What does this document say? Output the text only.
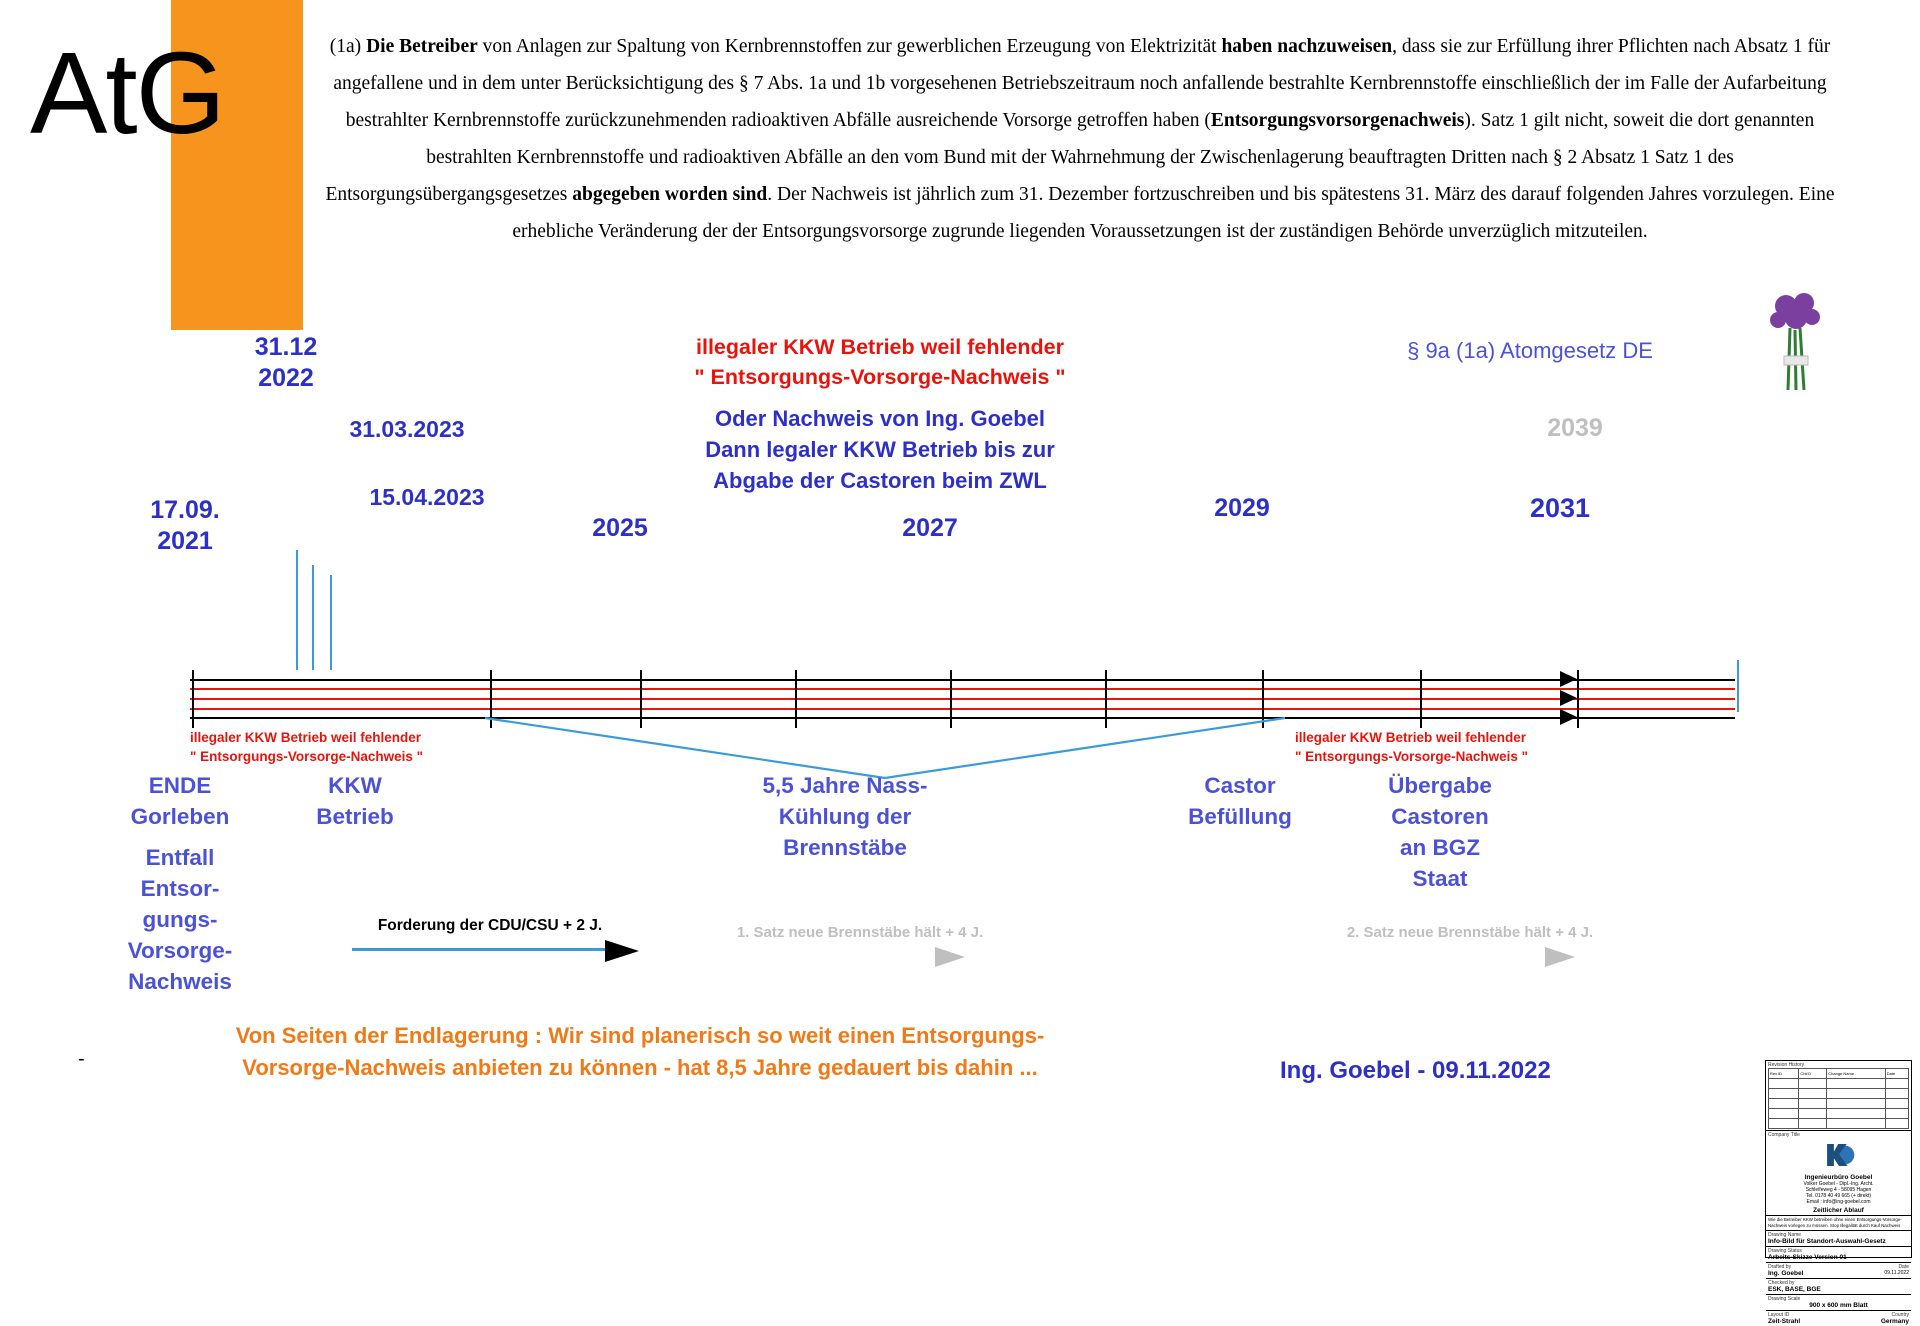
AtG	(1a) Die Betreiber von Anlagen zur Spaltung von Kernbrennstoffen zur gewerblichen Erzeugung von Elektrizität haben nachzuweisen, dass sie zur Erfüllung ihrer Pflichten nach Absatz 1 für angefallene und in dem unter Berücksichtigung des § 7 Abs. 1a und 1b vorgesehenen Betriebszeitraum noch anfallende bestrahlte Kernbrennstoffe einschließlich der im Falle der Aufarbeitung bestrahlter Kernbrennstoffe zurückzunehmenden radioaktiven Abfälle ausreichende Vorsorge getroffen haben (Entsorgungsvorsorgenachweis). Satz 1 gilt nicht, soweit die dort genannten bestrahlten Kernbrennstoffe und radioaktiven Abfälle an den vom Bund mit der Wahrnehmung der Zwischenlagerung beauftragten Dritten nach § 2 Absatz 1 Satz 1 des Entsorgungsübergangsgesetzes abgegeben worden sind. Der Nachweis ist jährlich zum 31. Dezember fortzuschreiben und bis spätestens 31. März des darauf folgenden Jahres vorzulegen. Eine erhebliche Veränderung der der Entsorgungsvorsorge zugrunde liegenden Voraussetzungen ist der zuständigen Behörde unverzüglich mitzuteilen.
31.12
2022
31.03.2023
15.04.2023
17.09.
2021
illegaler KKW Betrieb weil fehlender
" Entsorgungs-Vorsorge-Nachweis "
Oder Nachweis von Ing. Goebel
Dann legaler KKW Betrieb bis zur
Abgabe der Castoren beim ZWL
§ 9a (1a) Atomgesetz DE
2039
2025	2027
2029	2031
illegaler KKW Betrieb weil fehlender
" Entsorgungs-Vorsorge-Nachweis "
illegaler KKW Betrieb weil fehlender
" Entsorgungs-Vorsorge-Nachweis "
ENDE
Gorleben
Entfall
Entsor-
gungs-
Vorsorge-
Nachweis
KKW
Betrieb
5,5 Jahre Nass-
Kühlung der
Brennstäbe
Castor
Befüllung
Übergabe
Castoren
an BGZ
Staat
Forderung der CDU/CSU + 2 J.	1. Satz neue Brennstäbe hält + 4 J.	2. Satz neue Brennstäbe hält + 4 J.
Von Seiten der Endlagerung : Wir sind planerisch so weit einen Entsorgungs-
Vorsorge-Nachweis anbieten zu können - hat 8,5 Jahre gedauert bis dahin ...	Ing. Goebel - 09.11.2022
-	Revision History
Rev.ID	Chk'D	Change Name	Date

Company Title
Ingenieurbüro Goebel
Volker Goebel - Dipl.-Ing. Archt.
Schleifeweg 4 - 58095 Hagen
Tel. 0178 40 49 665 (+ direkt)
Email : info@ing-goebel.com
Zeitlicher Ablauf
Wie die Betreiber KKW betreiben ohne einen Entsorgungs-Vorsorge-Nachweis vorlegen zu müssen. Stop Illegalität durch Kauf Nachweis
Drawing Name
Info-Bild für Standort-Auswahl-Gesetz
Drawing Status
Arbeits-Skizze Version 01
Drafted by	Date
Ing. Goebel	09.11.2022
Checked by
ESK, BASE, BGE
Drawing Scale
900 x 600 mm Blatt
Layout ID	Country
Zeit-Strahl	Germany
